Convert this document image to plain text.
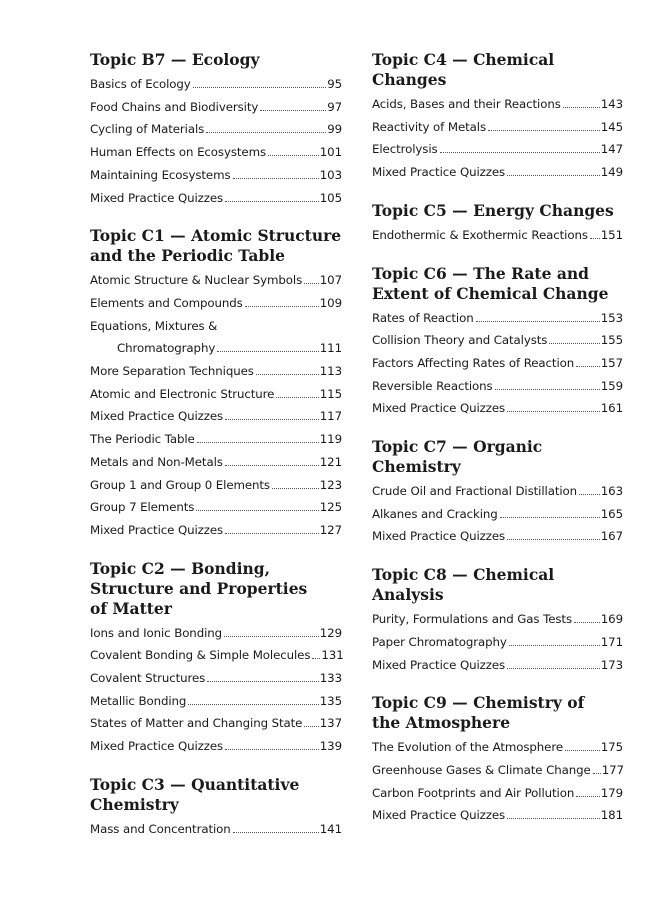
Topic B7 — Ecology
Basics of Ecology	95
Food Chains and Biodiversity	97
Cycling of Materials	99
Human Effects on Ecosystems	101
Maintaining Ecosystems	103
Mixed Practice Quizzes	105
Topic C1 — Atomic Structure
and the Periodic Table
Atomic Structure & Nuclear Symbols 107
Elements and Compounds	109
Equations, Mixtures &
Chromatography	111
More Separation Techniques	113
Atomic and Electronic Structure	115
Mixed Practice Quizzes	117
The Periodic Table	119
Metals and Non-Metals	121
Group 1 and Group 0 Elements	123
Group 7 Elements	125
Mixed Practice Quizzes	127
Topic C2 — Bonding,
Structure and Properties
of Matter
Ions and Ionic Bonding	129
Covalent Bonding & Simple Molecules 131
Covalent Structures	133
Metallic Bonding	135
States of Matter and Changing State 137
Mixed Practice Quizzes	139
Topic C3 — Quantitative
Chemistry
Mass and Concentration	141
Topic C4 — Chemical
Changes
Acids, Bases and their Reactions	143
Reactivity of Metals	145
Electrolysis	147
Mixed Practice Quizzes	149
Topic C5 — Energy Changes
Endothermic & Exothermic Reactions 151
Topic C6 — The Rate and
Extent of Chemical Change
Rates of Reaction	153
Collision Theory and Catalysts	155
Factors Affecting Rates of Reaction 157
Reversible Reactions	159
Mixed Practice Quizzes	161
Topic C7 — Organic
Chemistry
Crude Oil and Fractional Distillation 163
Alkanes and Cracking	165
Mixed Practice Quizzes	167
Topic C8 — Chemical
Analysis
Purity, Formulations and Gas Tests 169
Paper Chromatography	171
Mixed Practice Quizzes	173
Topic C9 — Chemistry of
the Atmosphere
The Evolution of the Atmosphere	175
Greenhouse Gases & Climate Change 177
Carbon Footprints and Air Pollution 179
Mixed Practice Quizzes	181
